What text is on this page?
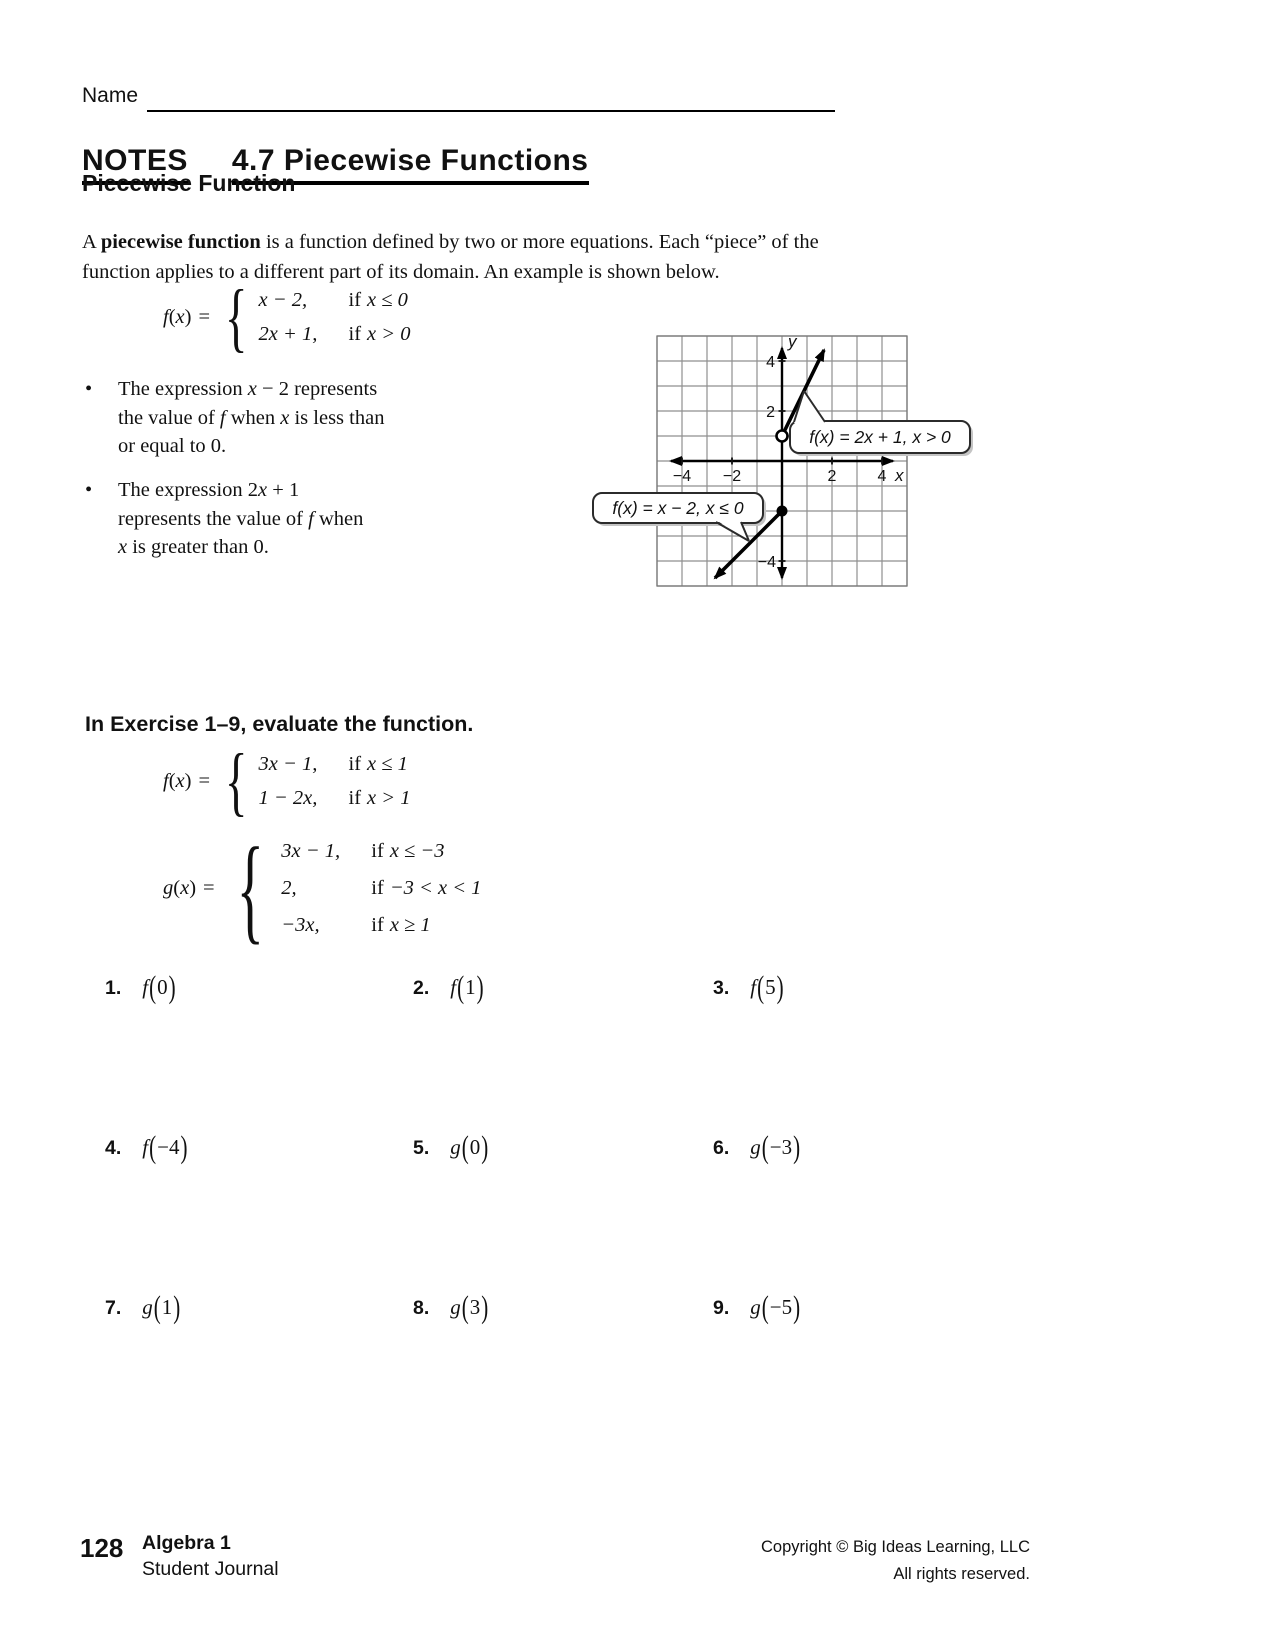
Name
NOTES 4.7 Piecewise Functions
Piecewise Function

A piecewise function is a function defined by two or more equations. Each “piece” of the function applies to a different part of its domain. An example is shown below.

f(x) = { x − 2,	if x ≤ 0
2x + 1,	if x > 0
• The expression x − 2 represents
the value of f when x is less than
or equal to 0.
• The expression 2x + 1
represents the value of f when
x is greater than 0.
−4 −2	2	4 x
4
2
−4
y
f(x) = 2x + 1, x > 0
f(x) = x − 2, x ≤ 0
In Exercise 1–9, evaluate the function.
f(x) = { 3x − 1,	if x ≤ 1
1 − 2x,	if x > 1
g(x) = { 3x − 1,	if x ≤ −3
2,	if −3 < x < 1
−3x,	if x ≥ 1
1. f(0)	2. f(1)	3. f(5)
4. f(−4)	5. g(0)	6. g(−3)
7. g(1)	8. g(3)	9. g(−5)
128 Algebra 1
Student Journal
Copyright © Big Ideas Learning, LLC
All rights reserved.
